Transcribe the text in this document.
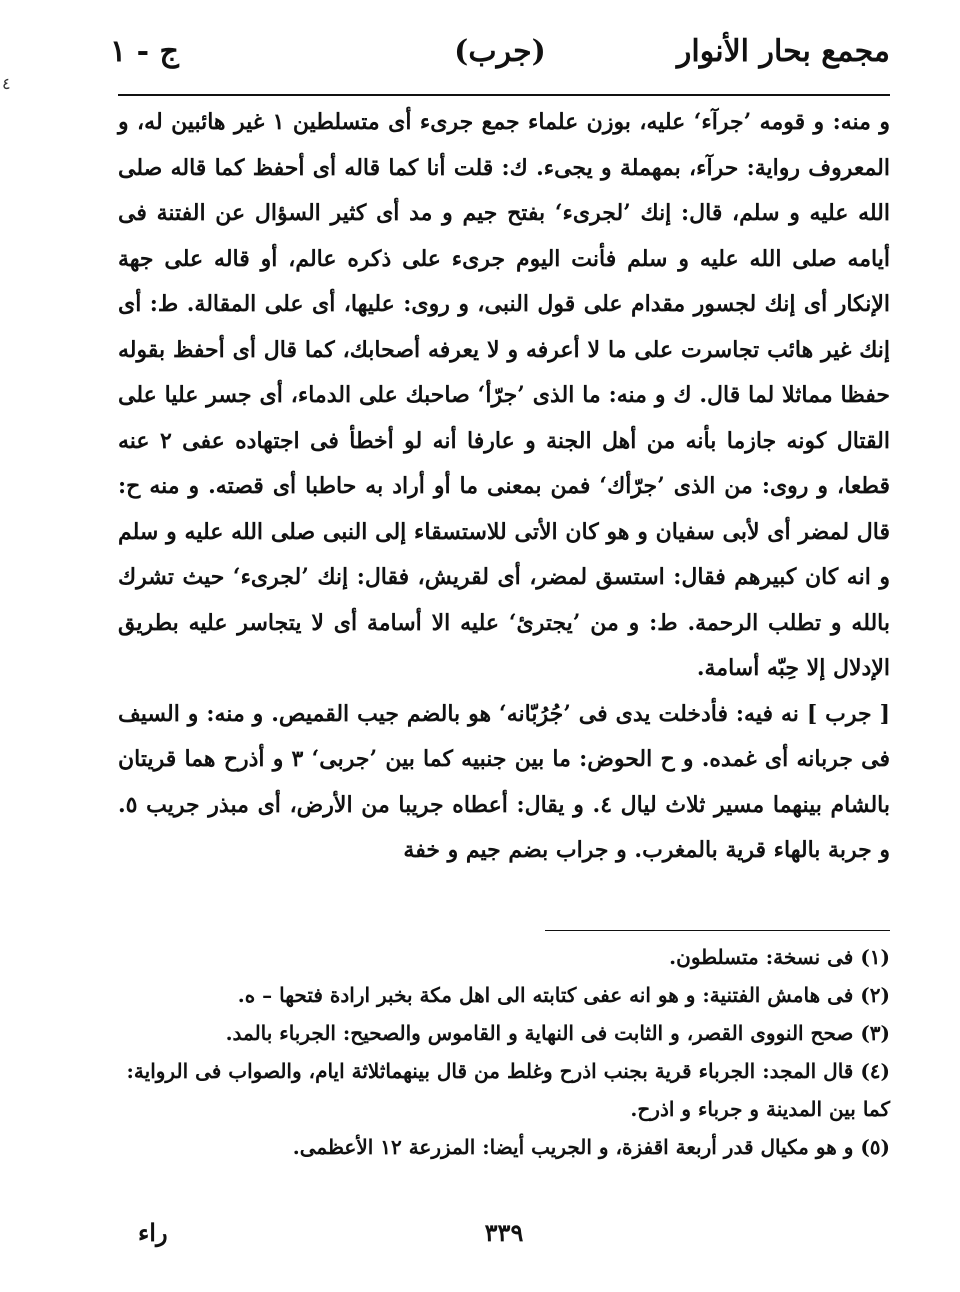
٤
مجمع بحار الأنوار
(جرب)
ج - ١

و منه: و قومه ’جرآء‘ عليه، بوزن علماء جمع جرىء أى متسلطين ١ غير هائبين له، و المعروف رواية: حرآء، بمهملة و يجىء. ك: قلت أنا كما قاله أى أحفظ كما قاله صلى الله عليه و سلم، قال: إنك ’لجرىء‘ بفتح جيم و مد أى كثير السؤال عن الفتنة فى أيامه صلى الله عليه و سلم فأنت اليوم جرىء على ذكره عالم، أو قاله على جهة الإنكار أى إنك لجسور مقدام على قول النبى، و روى: عليها، أى على المقالة. ط: أى إنك غير هائب تجاسرت على ما لا أعرفه و لا يعرفه أصحابك، كما قال أى أحفظ بقوله حفظا مماثلا لما قال. ك و منه: ما الذى ’جرّأ‘ صاحبك على الدماء، أى جسر عليا على القتال كونه جازما بأنه من أهل الجنة و عارفا أنه لو أخطأ فى اجتهاده عفى ٢ عنه قطعا، و روى: من الذى ’جرّأك‘ فمن بمعنى ما أو أراد به حاطبا أى قصته. و منه ح: قال لمضر أى لأبى سفيان و هو كان الأتى للاستسقاء إلى النبى صلى الله عليه و سلم و انه كان كبيرهم فقال: استسق لمضر، أى لقريش، فقال: إنك ’لجرىء‘ حيث تشرك بالله و تطلب الرحمة. ط: و من ’يجترئ‘ عليه الا أسامة أى لا يتجاسر عليه بطريق الإدلال إلا حِبّه أسامة.

[ جرب ] نه فيه: فأدخلت يدى فى ’جُرُبّانه‘ هو بالضم جيب القميص. و منه: و السيف فى جربانه أى غمده. و ح الحوض: ما بين جنبيه كما بين ’جربى‘ ٣ و أذرح هما قريتان بالشام بينهما مسير ثلاث ليال ٤. و يقال: أعطاه جريبا من الأرض، أى مبذر جريب ٥. و جربة بالهاء قرية بالمغرب. و جراب بضم جيم و خفة

(١) فى نسخة: متسلطون.
(٢) فى هامش الفتنية: و هو انه عفى كتابته الى اهل مكة بخبر ارادة فتحها – ه.
(٣) صحح النووى القصر، و الثابت فى النهاية و القاموس والصحيح: الجرباء بالمد.
(٤) قال المجد: الجرباء قرية بجنب اذرح وغلط من قال بينهماثلاثة ايام، والصواب فى الرواية:
كما بين المدينة و جرباء و اذرح.
(٥) و هو مكيال قدر أربعة اقفزة، و الجريب أيضا: المزرعة ١٢ الأعظمى.
٣٣٩
راء
